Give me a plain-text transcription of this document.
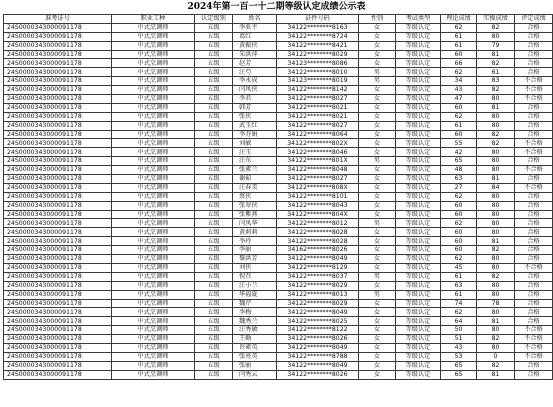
2024年第一百一十二期等级认定成绩公示表
准考证号	职业工种	认定级别	姓名	证件号码	性别	考试类型	理论成绩	实操成绩	评定成绩
24S000034300009117​8	中式烹调师	五级	李亚平	34122********8163	女	等级认定	62	82	合格
24S0000343000091178	中式烹调师	五级	葛红	34122********8724	女	等级认定	61	80	合格
24S0000343000091178	中式烹调师	五级	黄振侠	34122********8421	女	等级认定	61	79	合格
24S0000343000091178	中式烹调师	五级	朱洪萍	34122********8029	女	等级认定	60	81	合格
24S0000343000091178	中式烹调师	五级	赵芳	34123********8086	女	等级认定	66	82	合格
24S0000343000091178	中式烹调师	五级	汪芍	34122********8010	男	等级认定	62	61	合格
24S0000343000091178	中式烹调师	五级	李永成	34123********8019	男	等级认定	34	83	不合格
24S0000343000091178	中式烹调师	五级	闫凤侠	34122********8142	女	等级认定	43	82	不合格
24S0000343000091178	中式烹调师	五级	李君	34122********8027	女	等级认定	47	80	不合格
24S0000343000091178	中式烹调师	五级	韩芳	34122********8021	女	等级认定	60	81	合格
24S0000343000091178	中式烹调师	五级	张侠	34122********8021	女	等级认定	62	80	合格
24S0000343000091178	中式烹调师	五级	武玉红	34122********8027	女	等级认定	61	80	合格
24S0000343000091178	中式烹调师	五级	李芬娟	34122********8064	女	等级认定	60	82	合格
24S0000343000091178	中式烹调师	五级	刘敏	34122********802X	女	等级认定	55	82	不合格
24S0000343000091178	中式烹调师	五级	汪玉	34122********8046	女	等级认定	42	80	不合格
24S0000343000091178	中式烹调师	五级	汪东	34122********801X	男	等级认定	65	80	合格
24S0000343000091178	中式烹调师	五级	张素兰	34122********8048	女	等级认定	48	80	不合格
24S0000343000091178	中式烹调师	五级	谢茹	34122********8027	女	等级认定	63	81	合格
24S0000343000091178	中式烹调师	五级	汪春美	34122********808X	女	等级认定	27	84	不合格
24S0000343000091178	中式烹调师	五级	蔡侠	34122********8101	女	等级认定	62	80	合格
24S0000343000091178	中式烹调师	五级	张翠侠	34122********8043	女	等级认定	60	80	合格
24S0000343000091178	中式烹调师	五级	张紫燕	34122********804X	女	等级认定	60	80	合格
24S0000343000091178	中式烹调师	五级	闫凤华	34122********8012	男	等级认定	62	80	合格
24S0000343000091178	中式烹调师	五级	黄莉莉	34122********8028	女	等级认定	60	80	合格
24S0000343000091178	中式烹调师	五级	李玲	34122********8028	女	等级认定	60	81	合格
24S0000343000091178	中式烹调师	五级	李丽	34162********8026	女	等级认定	60	82	合格
24S0000343000091178	中式烹调师	五级	黎洪芳	34122********8049	女	等级认定	62	80	合格
24S0000343000091178	中式烹调师	五级	刘侠	34122********8129	女	等级认定	45	80	不合格
24S0000343000091178	中式烹调师	五级	倪召	34122********8037	男	等级认定	61	82	合格
24S0000343000091178	中式烹调师	五级	汪小兰	34122********8029	女	等级认定	63	80	合格
24S0000343000091178	中式烹调师	五级	华福夏	34122********8013	男	等级认定	61	80	合格
24S0000343000091178	中式烹调师	五级	魏芹	34122********8029	女	等级认定	74	78	合格
24S0000343000091178	中式烹调师	五级	李梅	34122********8049	女	等级认定	62	80	合格
24S0000343000091178	中式烹调师	五级	魏秀兰	34122********8025	女	等级认定	64	81	合格
24S0000343000091178	中式烹调师	五级	汪秀敏	34122********8122	女	等级认定	50	80	不合格
24S0000343000091178	中式烹调师	五级	王勤	34122********8026	女	等级认定	51	82	不合格
24S0000343000091178	中式烹调师	五级	许素英	34122********8049	女	等级认定	43	80	不合格
24S0000343000091178	中式烹调师	五级	张亮英	34122********8788	女	等级认定	53	0	不合格
24S0000343000091178	中式烹调师	五级	张丽	34122********8049	女	等级认定	65	82	合格
24S0000343000091178	中式烹调师	五级	闫秀云	34122********8026	女	等级认定	65	81	合格
